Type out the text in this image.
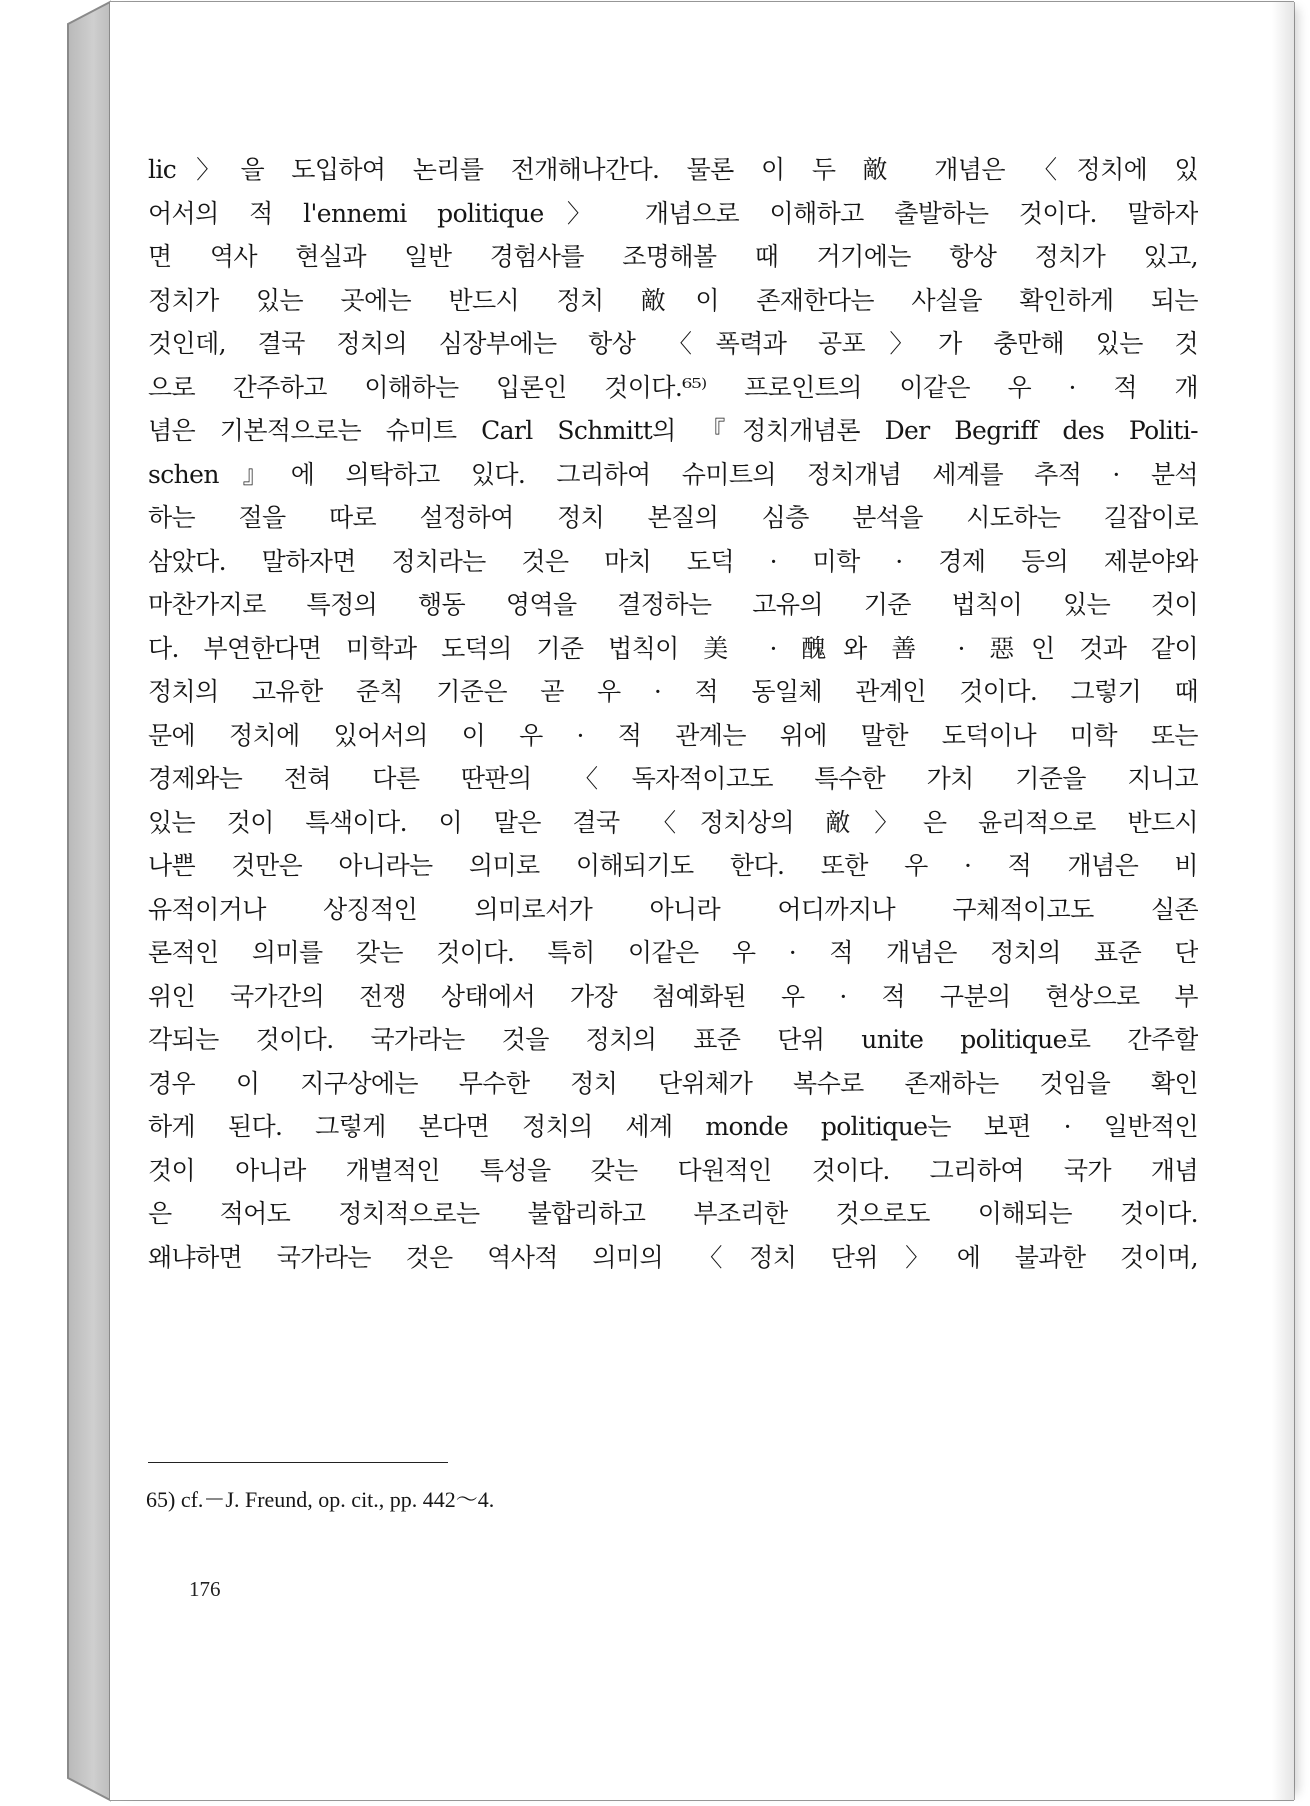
lic〉을 도입하여 논리를 전개해나간다. 물론 이 두 敵 개념은 〈정치에 있
어서의 적 l'ennemi politique〉 개념으로 이해하고 출발하는 것이다. 말하자
면 역사 현실과 일반 경험사를 조명해볼 때 거기에는 항상 정치가 있고,
정치가 있는 곳에는 반드시 정치 敵이 존재한다는 사실을 확인하게 되는
것인데, 결국 정치의 심장부에는 항상 〈폭력과 공포〉가 충만해 있는 것
으로 간주하고 이해하는 입론인 것이다.⁶⁵⁾ 프로인트의 이같은 우 · 적 개
념은 기본적으로는 슈미트 Carl Schmitt의 『정치개념론 Der Begriff des Politi-
schen』에 의탁하고 있다. 그리하여 슈미트의 정치개념 세계를 추적 · 분석
하는 절을 따로 설정하여 정치 본질의 심층 분석을 시도하는 길잡이로
삼았다. 말하자면 정치라는 것은 마치 도덕 · 미학 · 경제 등의 제분야와
마찬가지로 특정의 행동 영역을 결정하는 고유의 기준 법칙이 있는 것이
다. 부연한다면 미학과 도덕의 기준 법칙이 美 · 醜와 善 · 惡인 것과 같이
정치의 고유한 준칙 기준은 곧 우 · 적 동일체 관계인 것이다. 그렇기 때
문에 정치에 있어서의 이 우 · 적 관계는 위에 말한 도덕이나 미학 또는
경제와는 전혀 다른 딴판의 〈독자적이고도 특수한 가치 기준을 지니고
있는 것이 특색이다. 이 말은 결국 〈정치상의 敵〉은 윤리적으로 반드시
나쁜 것만은 아니라는 의미로 이해되기도 한다. 또한 우 · 적 개념은 비
유적이거나 상징적인 의미로서가 아니라 어디까지나 구체적이고도 실존
론적인 의미를 갖는 것이다. 특히 이같은 우 · 적 개념은 정치의 표준 단
위인 국가간의 전쟁 상태에서 가장 첨예화된 우 · 적 구분의 현상으로 부
각되는 것이다. 국가라는 것을 정치의 표준 단위 unite politique로 간주할
경우 이 지구상에는 무수한 정치 단위체가 복수로 존재하는 것임을 확인
하게 된다. 그렇게 본다면 정치의 세계 monde politique는 보편 · 일반적인
것이 아니라 개별적인 특성을 갖는 다원적인 것이다. 그리하여 국가 개념
은 적어도 정치적으로는 불합리하고 부조리한 것으로도 이해되는 것이다.
왜냐하면 국가라는 것은 역사적 의미의 〈정치 단위〉에 불과한 것이며,
65) cf.－J. Freund, op. cit., pp. 442～4.
176
